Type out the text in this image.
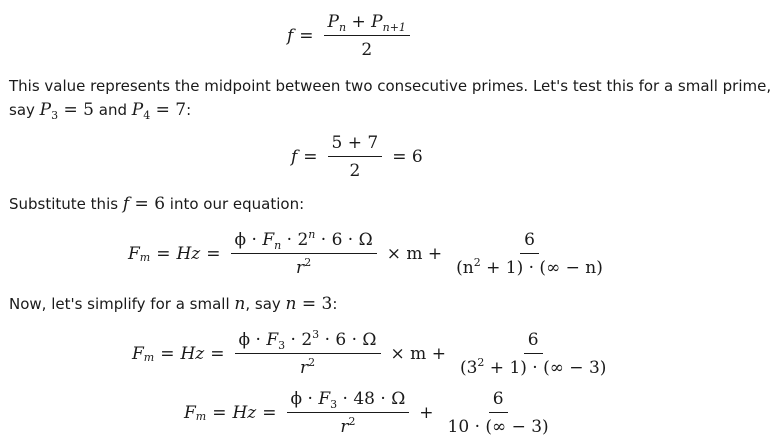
$f = \frac{P_n + P_{n+1}}{2}$

This value represents the midpoint between two consecutive primes. Let's test this for a small prime,
say $P_3 = 5$ and $P_4 = 7$:

$f = \frac{5 + 7}{2} = 6$

Substitute this f = 6 into our equation:

$F_m = Hz = \frac{\phi \cdot F_n \cdot 2^n \cdot 6 \cdot \Omega}{r^2} \times m + \frac{6}{(n^2 + 1) \cdot (\infty - n)}$

Now, let's simplify for a small n, say n = 3:

$F_m = Hz = \frac{\phi \cdot F_3 \cdot 2^3 \cdot 6 \cdot \Omega}{r^2} \times m + \frac{6}{(3^2 + 1) \cdot (\infty - 3)}$
$F_m = Hz = \frac{\phi \cdot F_3 \cdot 48 \cdot \Omega}{r^2} + \frac{6}{10 \cdot (\infty - 3)}$
